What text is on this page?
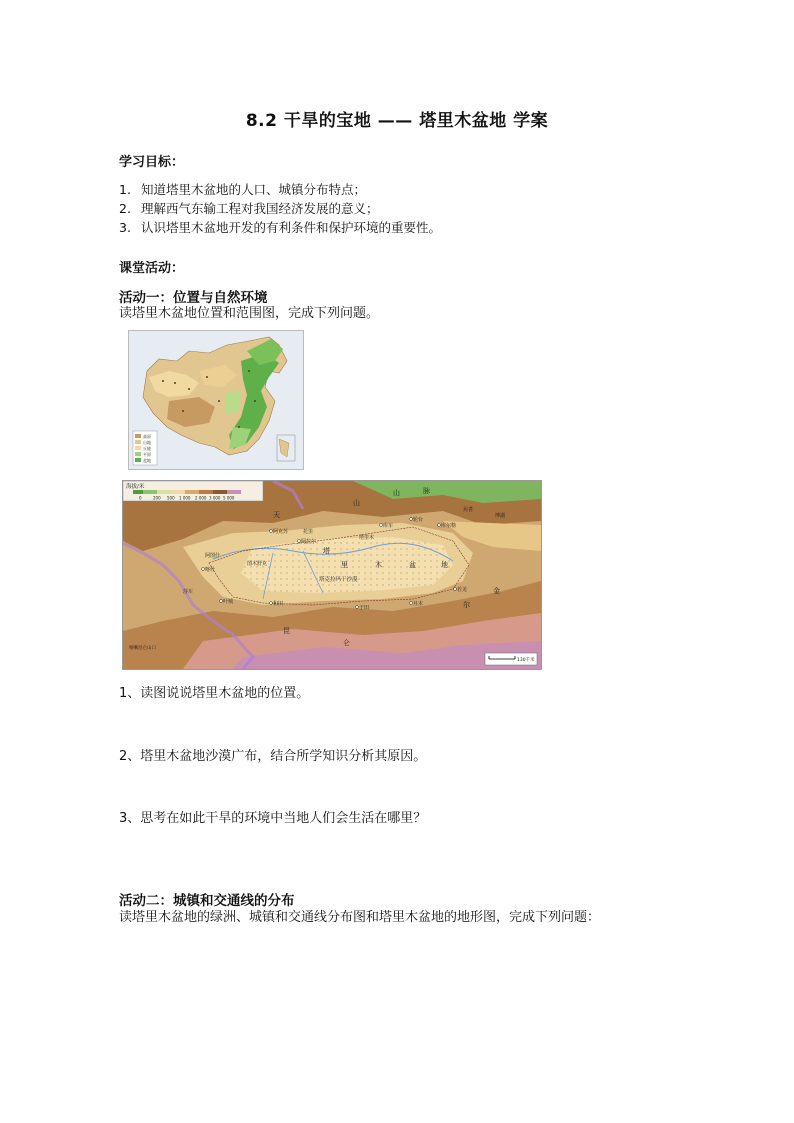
8.2 干旱的宝地 —— 塔里木盆地 学案
学习目标：
1. 知道塔里木盆地的人口、城镇分布特点；
2. 理解西气东输工程对我国经济发展的意义；
3. 认识塔里木盆地开发的有利条件和保护环境的重要性。
课堂活动：
活动一：位置与自然环境
读塔里木盆地位置和范围图，完成下列问题。
高原
山地
丘陵
平原
盆地
海拔/米
0	200 500 1 000 2 000 3 000 5 000
天
山
山	脉
库车
轮台
库尔勒
阿克苏
阿拉尔
喀什
阿图什
图木舒克
塔
里	木	盆	地
塔克拉玛干沙漠
和田
于田
且末
若羌
叶城
昆
仑
尔
金
喀喇昆仑山口
莎车
托里
焉耆
博湖
塔里木
130千米
1、读图说说塔里木盆地的位置。
2、塔里木盆地沙漠广布，结合所学知识分析其原因。
3、思考在如此干旱的环境中当地人们会生活在哪里？
活动二：城镇和交通线的分布
读塔里木盆地的绿洲、城镇和交通线分布图和塔里木盆地的地形图，完成下列问题：
